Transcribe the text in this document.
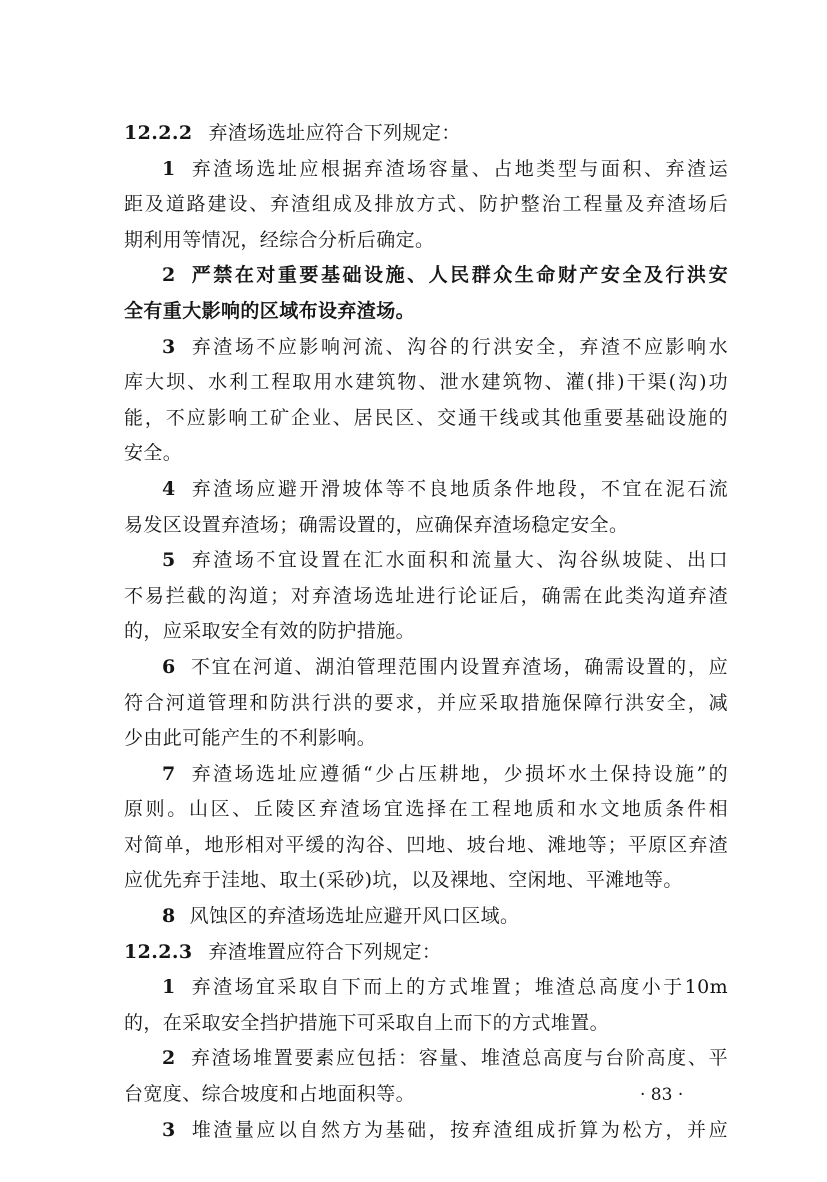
12.2.2 弃渣场选址应符合下列规定：
1 弃渣场选址应根据弃渣场容量、占地类型与面积、弃渣运
距及道路建设、弃渣组成及排放方式、防护整治工程量及弃渣场后
期利用等情况，经综合分析后确定。
2 严禁在对重要基础设施、人民群众生命财产安全及行洪安
全有重大影响的区域布设弃渣场。
3 弃渣场不应影响河流、沟谷的行洪安全，弃渣不应影响水
库大坝、水利工程取用水建筑物、泄水建筑物、灌(排)干渠(沟)功
能，不应影响工矿企业、居民区、交通干线或其他重要基础设施的
安全。
4 弃渣场应避开滑坡体等不良地质条件地段，不宜在泥石流
易发区设置弃渣场；确需设置的，应确保弃渣场稳定安全。
5 弃渣场不宜设置在汇水面积和流量大、沟谷纵坡陡、出口
不易拦截的沟道；对弃渣场选址进行论证后，确需在此类沟道弃渣
的，应采取安全有效的防护措施。
6 不宜在河道、湖泊管理范围内设置弃渣场，确需设置的，应
符合河道管理和防洪行洪的要求，并应采取措施保障行洪安全，减
少由此可能产生的不利影响。
7 弃渣场选址应遵循“少占压耕地，少损坏水土保持设施”的
原则。山区、丘陵区弃渣场宜选择在工程地质和水文地质条件相
对简单，地形相对平缓的沟谷、凹地、坡台地、滩地等；平原区弃渣
应优先弃于洼地、取土(采砂)坑，以及裸地、空闲地、平滩地等。
8 风蚀区的弃渣场选址应避开风口区域。
12.2.3 弃渣堆置应符合下列规定：
1 弃渣场宜采取自下而上的方式堆置；堆渣总高度小于10m
的，在采取安全挡护措施下可采取自上而下的方式堆置。
2 弃渣场堆置要素应包括：容量、堆渣总高度与台阶高度、平
台宽度、综合坡度和占地面积等。
3 堆渣量应以自然方为基础，按弃渣组成折算为松方，并应
· 83 ·
